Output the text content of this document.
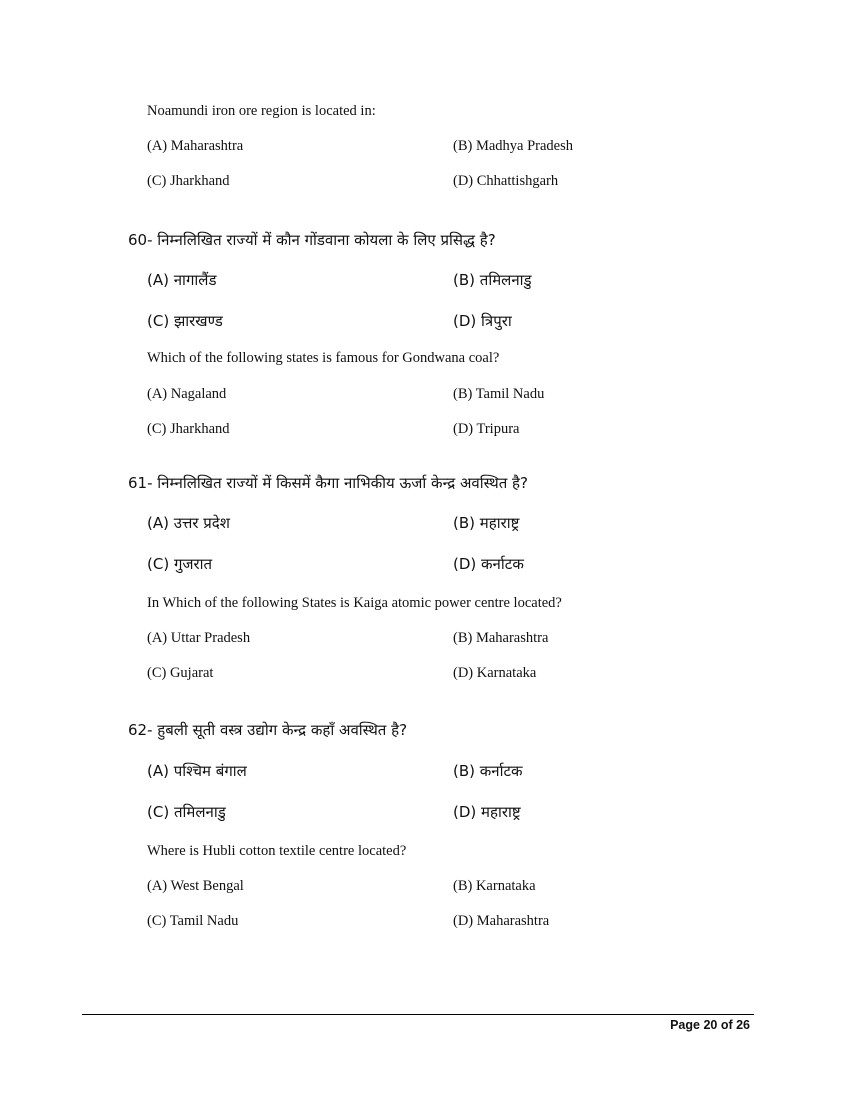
Noamundi iron ore region is located in:
(A) Maharashtra	(B) Madhya Pradesh
(C) Jharkhand	(D) Chhattishgarh
60- निम्नलिखित राज्यों में कौन गोंडवाना कोयला के लिए प्रसिद्ध है?
(A) नागालैंड	(B) तमिलनाडु
(C) झारखण्ड	(D) त्रिपुरा
Which of the following states is famous for Gondwana coal?
(A) Nagaland	(B) Tamil Nadu
(C) Jharkhand	(D) Tripura
61- निम्नलिखित राज्यों में किसमें कैगा नाभिकीय ऊर्जा केन्द्र अवस्थित है?
(A) उत्तर प्रदेश	(B) महाराष्ट्र
(C) गुजरात	(D) कर्नाटक
In Which of the following States is Kaiga atomic power centre located?
(A) Uttar Pradesh	(B) Maharashtra
(C) Gujarat	(D) Karnataka
62- हुबली सूती वस्त्र उद्योग केन्द्र कहाँ अवस्थित है?
(A) पश्चिम बंगाल	(B) कर्नाटक
(C) तमिलनाडु	(D) महाराष्ट्र
Where is Hubli cotton textile centre located?
(A) West Bengal	(B) Karnataka
(C) Tamil Nadu	(D) Maharashtra
Page 20 of 26
